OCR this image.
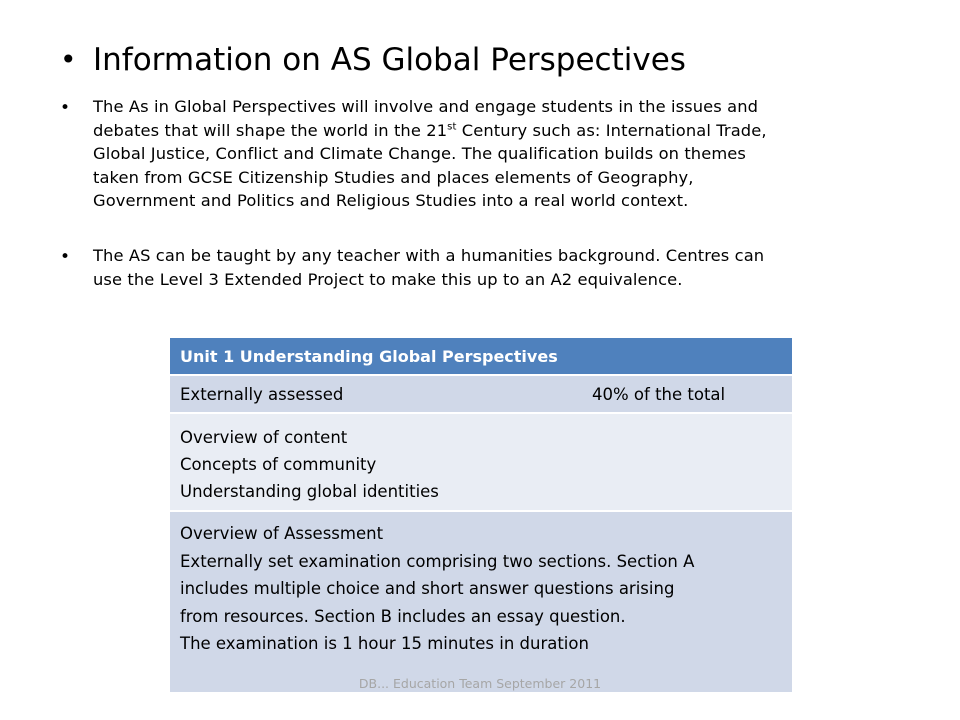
• Information on AS Global Perspectives
• The As in Global Perspectives will involve and engage students in the issues and
debates that will shape the world in the 21st Century such as: International Trade,
Global Justice, Conflict and Climate Change. The qualification builds on themes
taken from GCSE Citizenship Studies and places elements of Geography,
Government and Politics and Religious Studies into a real world context.
• The AS can be taught by any teacher with a humanities background. Centres can
use the Level 3 Extended Project to make this up to an A2 equivalence.
Unit 1 Understanding Global Perspectives
Externally assessed	40% of the total
Overview of content
Concepts of community
Understanding global identities
Overview of Assessment
Externally set examination comprising two sections. Section A
includes multiple choice and short answer questions arising
from resources. Section B includes an essay question.
The examination is 1 hour 15 minutes in duration
DB... Education Team September 2011
